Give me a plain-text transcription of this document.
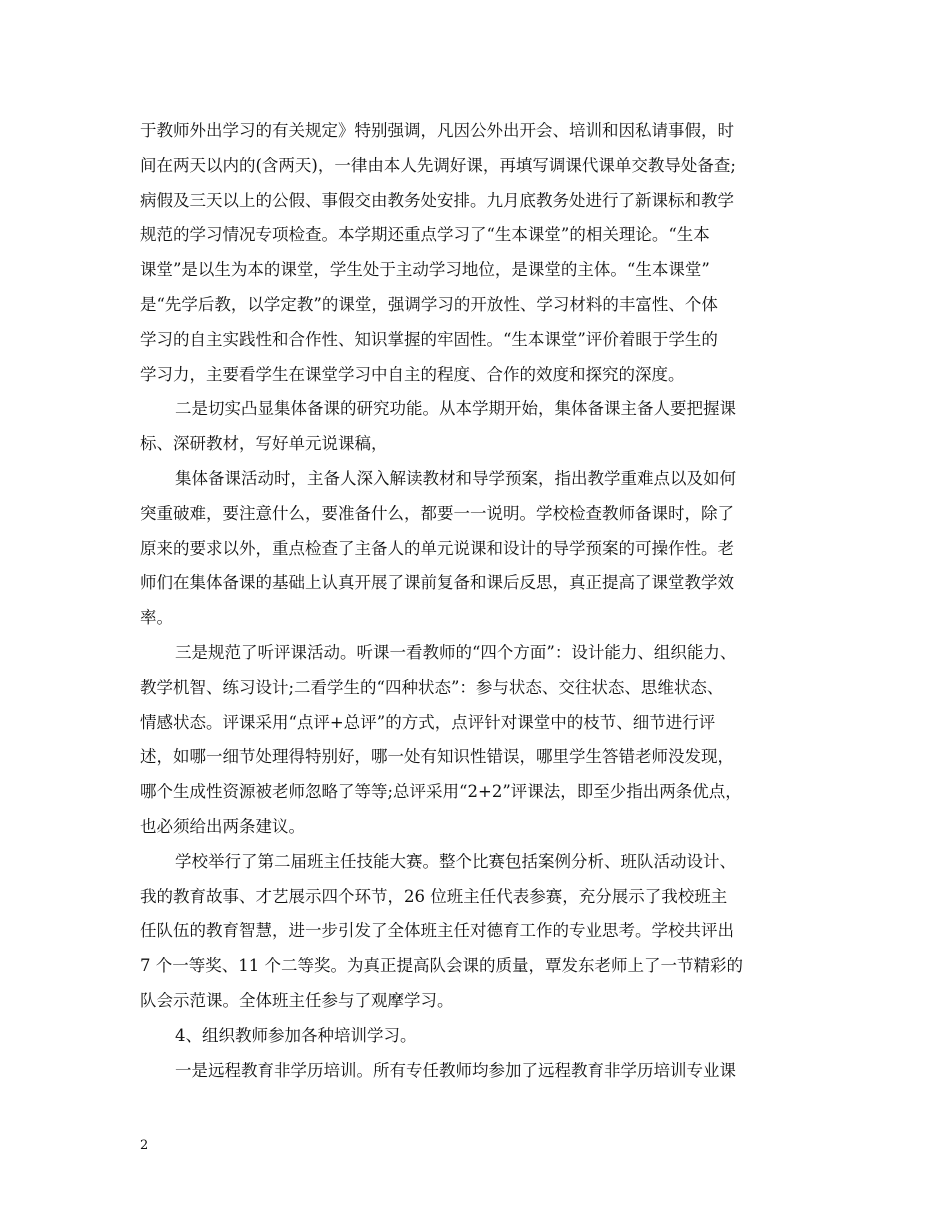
于教师外出学习的有关规定》特别强调，凡因公外出开会、培训和因私请事假，时
间在两天以内的(含两天)，一律由本人先调好课，再填写调课代课单交教导处备查;
病假及三天以上的公假、事假交由教务处安排。九月底教务处进行了新课标和教学
规范的学习情况专项检查。本学期还重点学习了“生本课堂”的相关理论。“生本
课堂”是以生为本的课堂，学生处于主动学习地位，是课堂的主体。“生本课堂”
是“先学后教，以学定教”的课堂，强调学习的开放性、学习材料的丰富性、个体
学习的自主实践性和合作性、知识掌握的牢固性。“生本课堂”评价着眼于学生的
学习力，主要看学生在课堂学习中自主的程度、合作的效度和探究的深度。
二是切实凸显集体备课的研究功能。从本学期开始，集体备课主备人要把握课
标、深研教材，写好单元说课稿，
集体备课活动时，主备人深入解读教材和导学预案，指出教学重难点以及如何
突重破难，要注意什么，要准备什么，都要一一说明。学校检查教师备课时，除了
原来的要求以外，重点检查了主备人的单元说课和设计的导学预案的可操作性。老
师们在集体备课的基础上认真开展了课前复备和课后反思，真正提高了课堂教学效
率。
三是规范了听评课活动。听课一看教师的“四个方面”：设计能力、组织能力、
教学机智、练习设计;二看学生的“四种状态”：参与状态、交往状态、思维状态、
情感状态。评课采用“点评+总评”的方式，点评针对课堂中的枝节、细节进行评
述，如哪一细节处理得特别好，哪一处有知识性错误，哪里学生答错老师没发现，
哪个生成性资源被老师忽略了等等;总评采用“2+2”评课法，即至少指出两条优点，
也必须给出两条建议。
学校举行了第二届班主任技能大赛。整个比赛包括案例分析、班队活动设计、
我的教育故事、才艺展示四个环节，26 位班主任代表参赛，充分展示了我校班主
任队伍的教育智慧，进一步引发了全体班主任对德育工作的专业思考。学校共评出
7 个一等奖、11 个二等奖。为真正提高队会课的质量，覃发东老师上了一节精彩的
队会示范课。全体班主任参与了观摩学习。
4、组织教师参加各种培训学习。
一是远程教育非学历培训。所有专任教师均参加了远程教育非学历培训专业课
2
